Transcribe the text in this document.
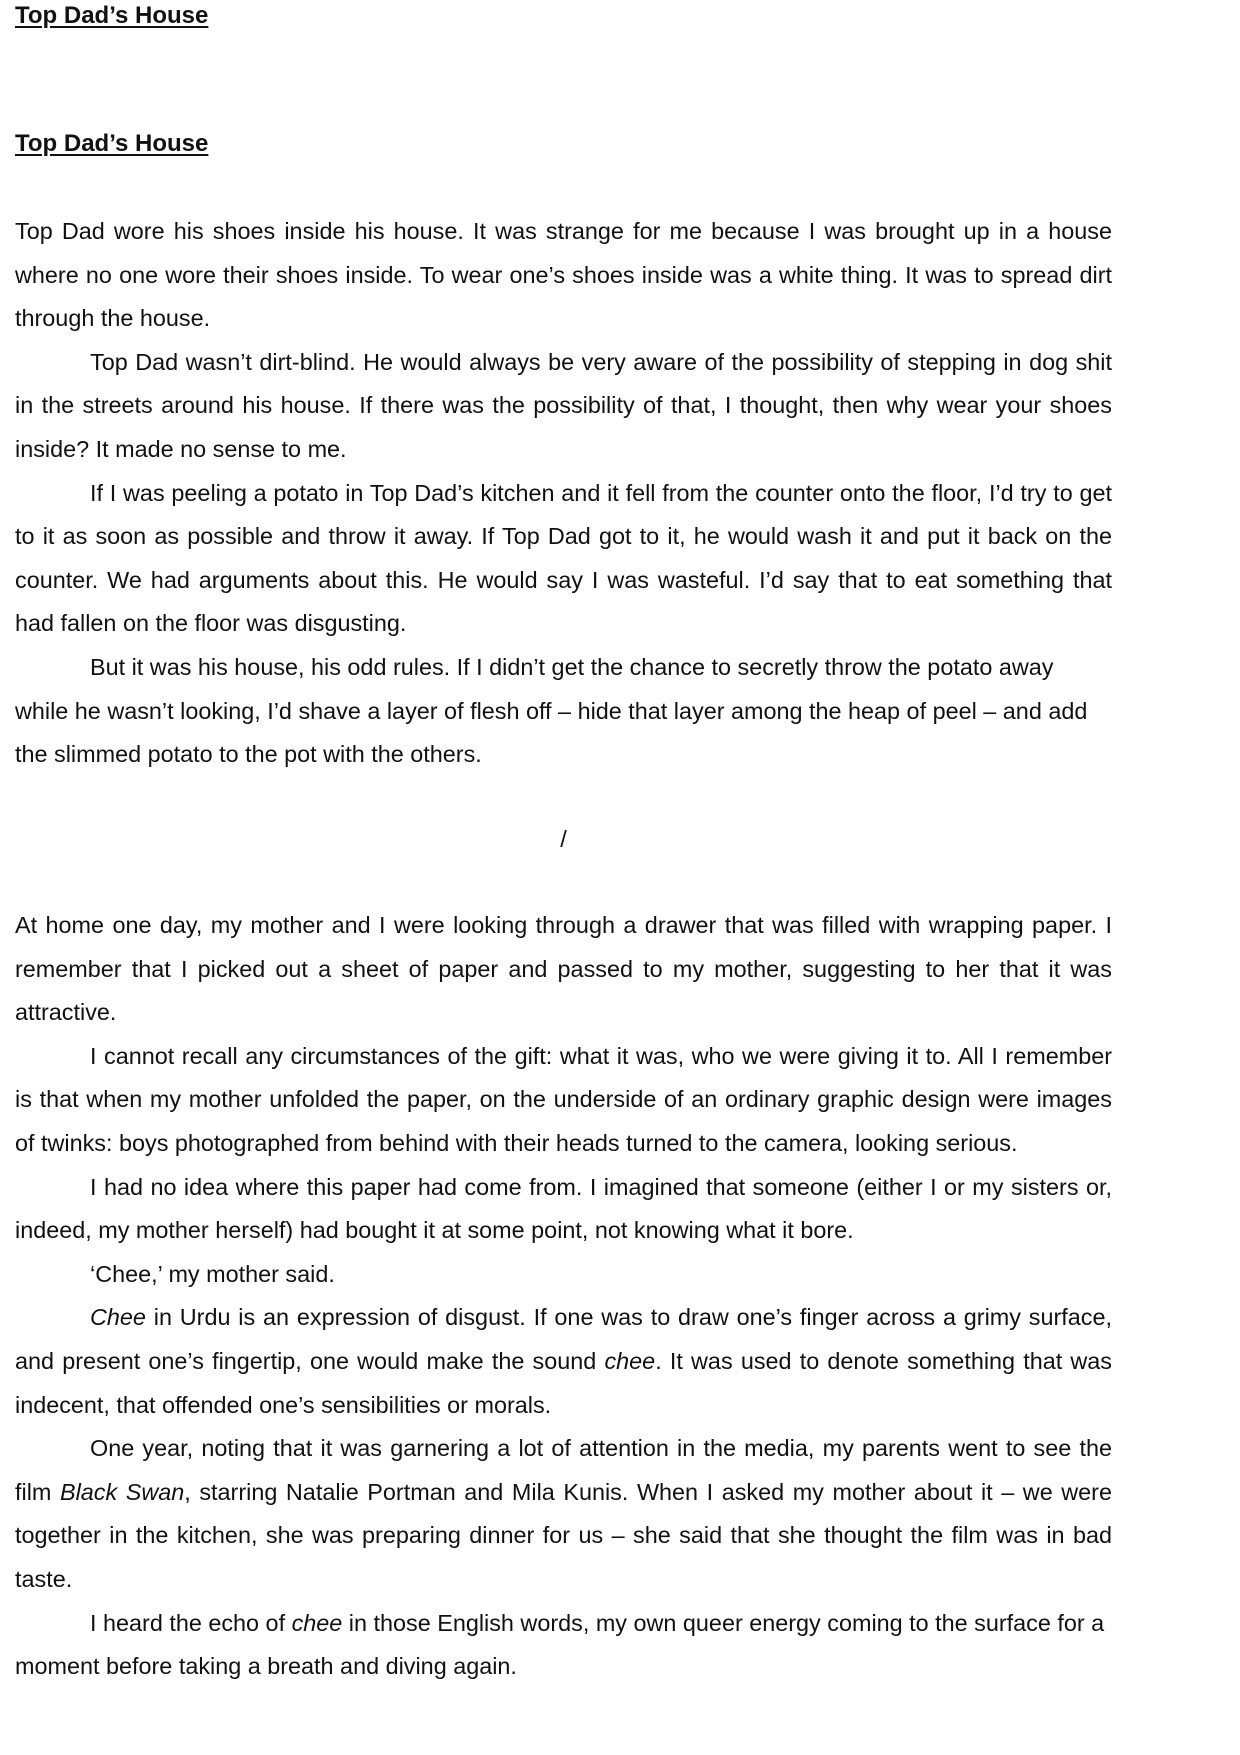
Top Dad’s House
Top Dad’s House

Top Dad wore his shoes inside his house. It was strange for me because I was brought up in a house where no one wore their shoes inside. To wear one’s shoes inside was a white thing. It was to spread dirt through the house.

Top Dad wasn’t dirt-blind. He would always be very aware of the possibility of stepping in dog shit in the streets around his house. If there was the possibility of that, I thought, then why wear your shoes inside? It made no sense to me.

If I was peeling a potato in Top Dad’s kitchen and it fell from the counter onto the floor, I’d try to get to it as soon as possible and throw it away. If Top Dad got to it, he would wash it and put it back on the counter. We had arguments about this. He would say I was wasteful. I’d say that to eat something that had fallen on the floor was disgusting.

But it was his house, his odd rules. If I didn’t get the chance to secretly throw the potato away while he wasn’t looking, I’d shave a layer of flesh off – hide that layer among the heap of peel – and add the slimmed potato to the pot with the others.

/

At home one day, my mother and I were looking through a drawer that was filled with wrapping paper. I remember that I picked out a sheet of paper and passed to my mother, suggesting to her that it was attractive.

I cannot recall any circumstances of the gift: what it was, who we were giving it to. All I remember is that when my mother unfolded the paper, on the underside of an ordinary graphic design were images of twinks: boys photographed from behind with their heads turned to the camera, looking serious.

I had no idea where this paper had come from. I imagined that someone (either I or my sisters or, indeed, my mother herself) had bought it at some point, not knowing what it bore.

‘Chee,’ my mother said.

Chee in Urdu is an expression of disgust. If one was to draw one’s finger across a grimy surface, and present one’s fingertip, one would make the sound chee. It was used to denote something that was indecent, that offended one’s sensibilities or morals.

One year, noting that it was garnering a lot of attention in the media, my parents went to see the film Black Swan, starring Natalie Portman and Mila Kunis. When I asked my mother about it – we were together in the kitchen, she was preparing dinner for us – she said that she thought the film was in bad taste.

I heard the echo of chee in those English words, my own queer energy coming to the surface for a moment before taking a breath and diving again.
